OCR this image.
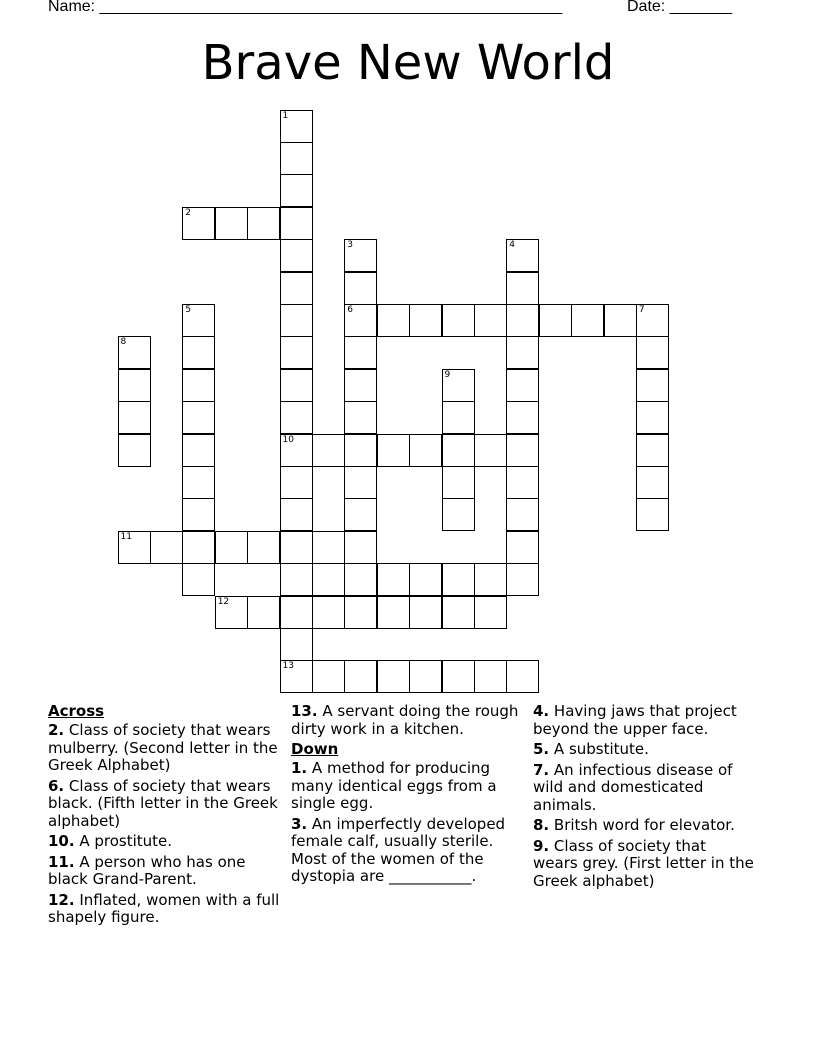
Name: ____________________________________________________	Date: _______
Brave New World
1
10
13
2
3
6
4
5	7
8
9
11
12
Across

2. Class of society that wears mulberry. (Second letter in the Greek Alphabet)

6. Class of society that wears black. (Fifth letter in the Greek alphabet)

10. A prostitute.

11. A person who has one black Grand-Parent.

12. Inflated, women with a full shapely figure.

13. A servant doing the rough dirty work in a kitchen.

Down

1. A method for producing many identical eggs from a single egg.

3. An imperfectly developed female calf, usually sterile. Most of the women of the dystopia are ___________.

4. Having jaws that project beyond the upper face.

5. A substitute.

7. An infectious disease of wild and domesticated animals.

8. Britsh word for elevator.

9. Class of society that wears grey. (First letter in the Greek alphabet)
